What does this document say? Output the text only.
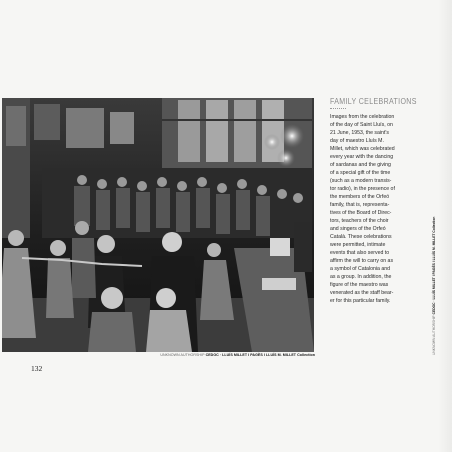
UNKNOWN AUTHORSHIP CEDOC · LLUÍS MILLET I PAGÈS I LLUÍS M. MILLET Collection
132
FAMILY CELEBRATIONS
Images from the celebration
of the day of Saint Lluís, on
21 June, 1953, the saint's
day of maestro Lluís M.
Millet, which was celebrated
every year with the dancing
of sardanas and the giving
of a special gift of the time
(such as a modern transis-
tor radio), in the presence of
the members of the Orfeó
family, that is, representa-
tives of the Board of Direc-
tors, teachers of the choir
and singers of the Orfeó
Català. These celebrations
were permitted, intimate
events that also served to
affirm the will to carry on as
a symbol of Catalonia and
as a group. In addition, the
figure of the maestro was
venerated as the staff bear-
er for this particular family.
UNKNOWN AUTHORSHIP CEDOC · LLUÍS MILLET I PAGÈS I LLUÍS M. MILLET Collection
